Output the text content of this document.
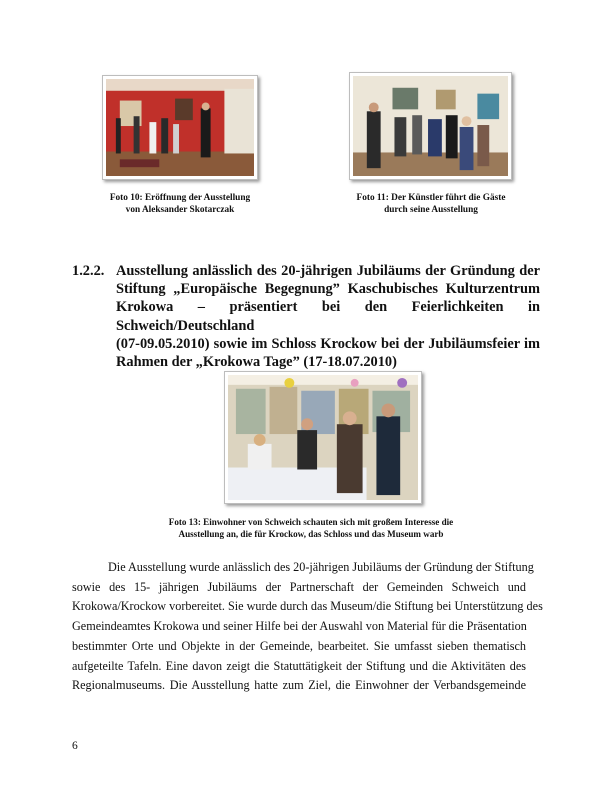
Foto 10: Eröffnung der Ausstellung
von Aleksander Skotarczak
Foto 11: Der Künstler führt die Gäste
durch seine Ausstellung
1.2.2. Ausstellung anlässlich des 20-jährigen Jubiläums der Gründung der
Stiftung „Europäische Begegnung” Kaschubisches Kulturzentrum
Krokowa – präsentiert bei den Feierlichkeiten in Schweich/Deutschland
(07-09.05.2010) sowie im Schloss Krockow bei der Jubiläumsfeier im
Rahmen der „Krokowa Tage” (17-18.07.2010)
Foto 13: Einwohner von Schweich schauten sich mit großem Interesse die
Ausstellung an, die für Krockow, das Schloss und das Museum warb
Die Ausstellung wurde anlässlich des 20-jährigen Jubiläums der Gründung der Stiftung
sowie des 15- jährigen Jubiläums der Partnerschaft der Gemeinden Schweich und
Krokowa/Krockow vorbereitet. Sie wurde durch das Museum/die Stiftung bei Unterstützung des
Gemeindeamtes Krokowa und seiner Hilfe bei der Auswahl von Material für die Präsentation
bestimmter Orte und Objekte in der Gemeinde, bearbeitet. Sie umfasst sieben thematisch
aufgeteilte Tafeln. Eine davon zeigt die Statuttätigkeit der Stiftung und die Aktivitäten des
Regionalmuseums. Die Ausstellung hatte zum Ziel, die Einwohner der Verbandsgemeinde
6
